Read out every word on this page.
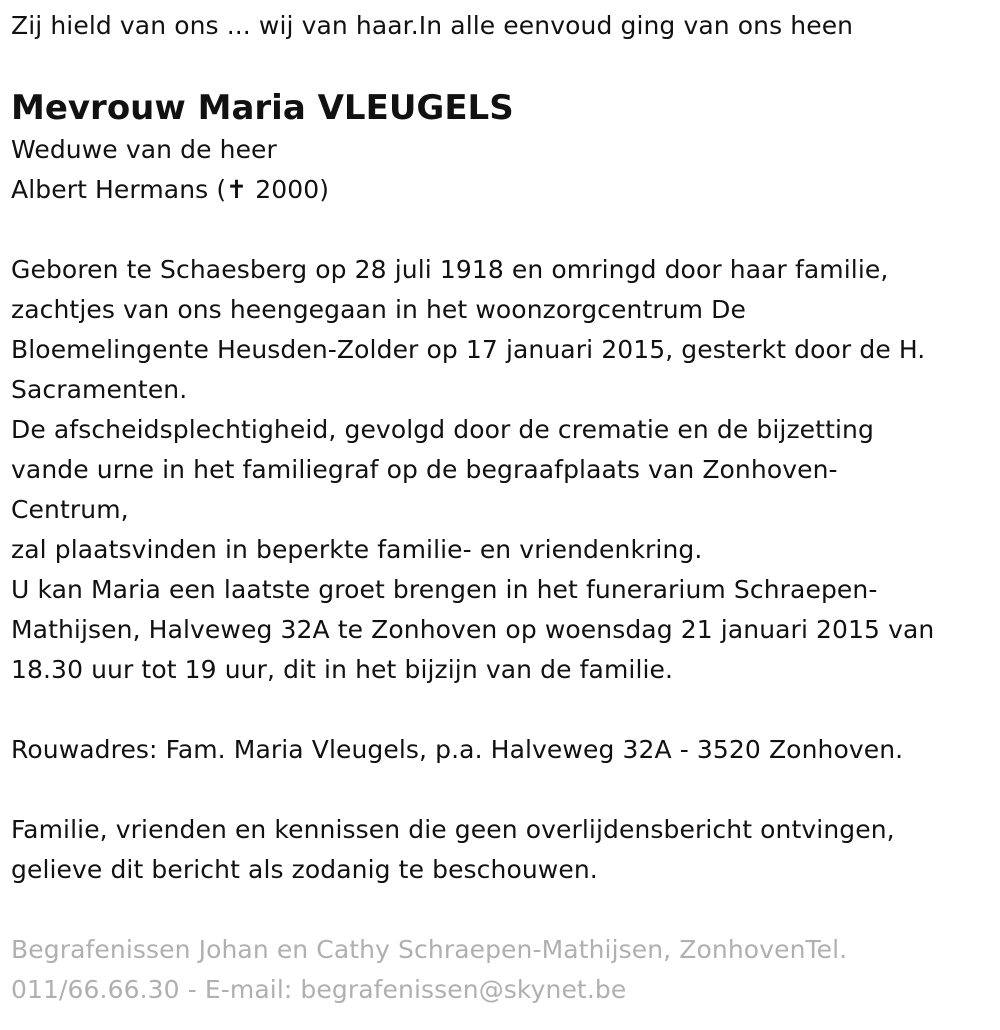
Zij hield van ons ... wij van haar.In alle eenvoud ging van ons heen
Mevrouw Maria VLEUGELS
Weduwe van de heer
Albert Hermans (✝ 2000)
Geboren te Schaesberg op 28 juli 1918 en omringd door haar familie,
zachtjes van ons heengegaan in het woonzorgcentrum De
Bloemelingente Heusden-Zolder op 17 januari 2015, gesterkt door de H.
Sacramenten.
De afscheidsplechtigheid, gevolgd door de crematie en de bijzetting
vande urne in het familiegraf op de begraafplaats van Zonhoven-
Centrum,
zal plaatsvinden in beperkte familie- en vriendenkring.
U kan Maria een laatste groet brengen in het funerarium Schraepen-
Mathijsen, Halveweg 32A te Zonhoven op woensdag 21 januari 2015 van
18.30 uur tot 19 uur, dit in het bijzijn van de familie.
Rouwadres: Fam. Maria Vleugels, p.a. Halveweg 32A - 3520 Zonhoven.
Familie, vrienden en kennissen die geen overlijdensbericht ontvingen,
gelieve dit bericht als zodanig te beschouwen.
Begrafenissen Johan en Cathy Schraepen-Mathijsen, ZonhovenTel.
011/66.66.30 - E-mail: begrafenissen@skynet.be
